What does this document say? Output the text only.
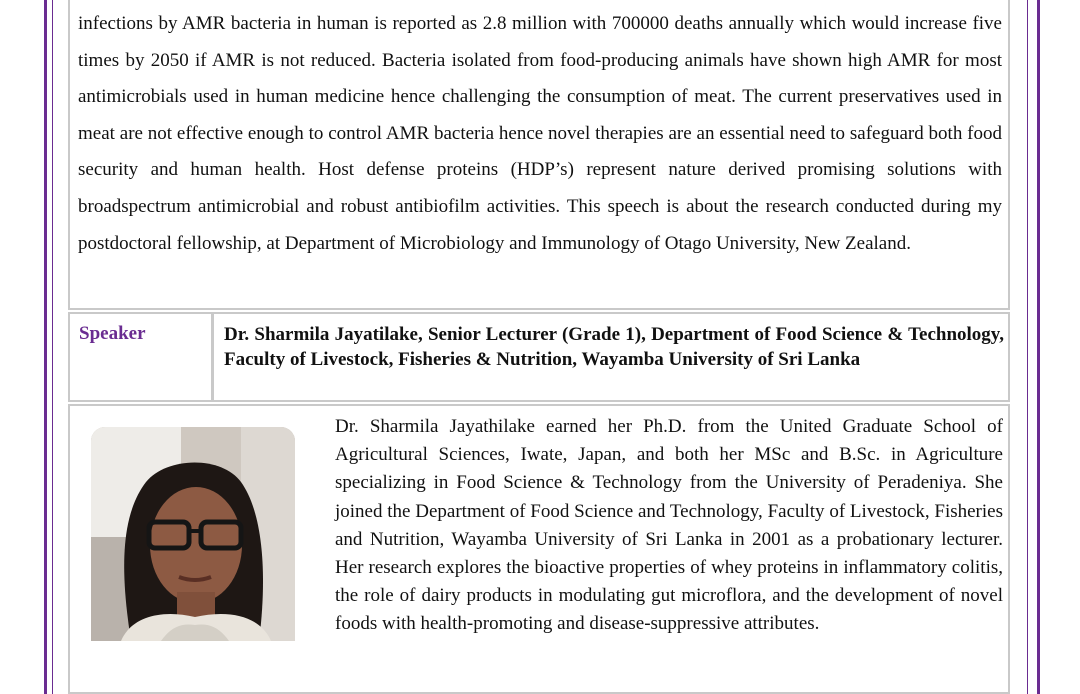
infections by AMR bacteria in human is reported as 2.8 million with 700000 deaths annually which would increase five times by 2050 if AMR is not reduced. Bacteria isolated from food-producing animals have shown high AMR for most antimicrobials used in human medicine hence challenging the consumption of meat. The current preservatives used in meat are not effective enough to control AMR bacteria hence novel therapies are an essential need to safeguard both food security and human health. Host defense proteins (HDP’s) represent nature derived promising solutions with broadspectrum antimicrobial and robust antibiofilm activities. This speech is about the research conducted during my postdoctoral fellowship, at Department of Microbiology and Immunology of Otago University, New Zealand.

Speaker	Dr. Sharmila Jayatilake, Senior Lecturer (Grade 1), Department of Food Science & Technology, Faculty of Livestock, Fisheries & Nutrition, Wayamba University of Sri Lanka

Dr. Sharmila Jayathilake earned her Ph.D. from the United Graduate School of Agricultural Sciences, Iwate, Japan, and both her MSc and B.Sc. in Agriculture specializing in Food Science & Technology from the University of Peradeniya. She joined the Department of Food Science and Technology, Faculty of Livestock, Fisheries and Nutrition, Wayamba University of Sri Lanka in 2001 as a probationary lecturer. Her research explores the bioactive properties of whey proteins in inflammatory colitis, the role of dairy products in modulating gut microflora, and the development of novel foods with health-promoting and disease-suppressive attributes.
